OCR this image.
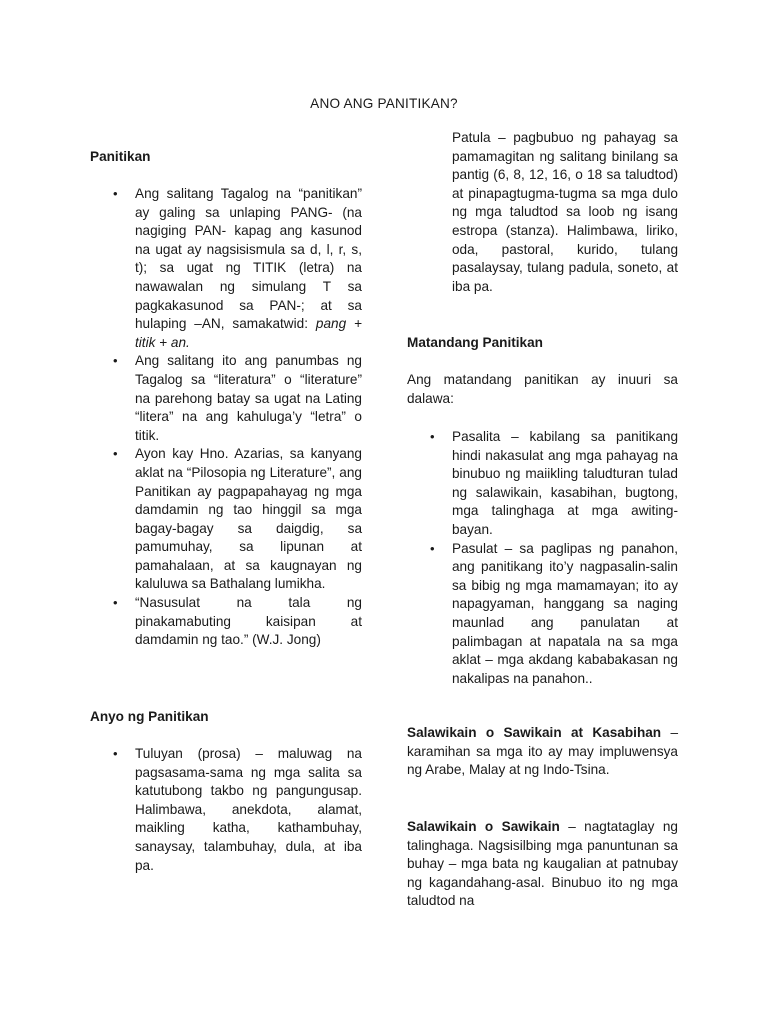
ANO ANG PANITIKAN?
Panitikan
• Ang salitang Tagalog na “panitikan” ay galing sa unlaping PANG- (na nagiging PAN- kapag ang kasunod na ugat ay nagsisismula sa d, l, r, s, t); sa ugat ng TITIK (letra) na nawawalan ng simulang T sa pagkakasunod sa PAN-; at sa hulaping –AN, samakatwid: pang + titik + an.
• Ang salitang ito ang panumbas ng Tagalog sa “literatura” o “literature” na parehong batay sa ugat na Lating “litera” na ang kahuluga’y “letra” o titik.
• Ayon kay Hno. Azarias, sa kanyang aklat na “Pilosopia ng Literature”, ang Panitikan ay pagpapahayag ng mga damdamin ng tao hinggil sa mga bagay-bagay sa daigdig, sa pamumuhay, sa lipunan at pamahalaan, at sa kaugnayan ng kaluluwa sa Bathalang lumikha.
• “Nasusulat na tala ng pinakamabuting kaisipan at damdamin ng tao.” (W.J. Jong)
Anyo ng Panitikan
• Tuluyan (prosa) – maluwag na pagsasama-sama ng mga salita sa katutubong takbo ng pangungusap. Halimbawa, anekdota, alamat, maikling katha, kathambuhay, sanaysay, talambuhay, dula, at iba pa.
Patula – pagbubuo ng pahayag sa pamamagitan ng salitang binilang sa pantig (6, 8, 12, 16, o 18 sa taludtod) at pinapagtugma-tugma sa mga dulo ng mga taludtod sa loob ng isang estropa (stanza). Halimbawa, liriko, oda, pastoral, kurido, tulang pasalaysay, tulang padula, soneto, at iba pa.
Matandang Panitikan
Ang matandang panitikan ay inuuri sa dalawa:
• Pasalita – kabilang sa panitikang hindi nakasulat ang mga pahayag na binubuo ng maiikling taludturan tulad ng salawikain, kasabihan, bugtong, mga talinghaga at mga awiting-bayan.
• Pasulat – sa paglipas ng panahon, ang panitikang ito’y nagpasalin-salin sa bibig ng mga mamamayan; ito ay napagyaman, hanggang sa naging maunlad ang panulatan at palimbagan at napatala na sa mga aklat – mga akdang kababakasan ng nakalipas na panahon..
Salawikain o Sawikain at Kasabihan – karamihan sa mga ito ay may impluwensya ng Arabe, Malay at ng Indo-Tsina.
Salawikain o Sawikain – nagtataglay ng talinghaga. Nagsisilbing mga panuntunan sa buhay – mga bata ng kaugalian at patnubay ng kagandahang-asal. Binubuo ito ng mga taludtod na
